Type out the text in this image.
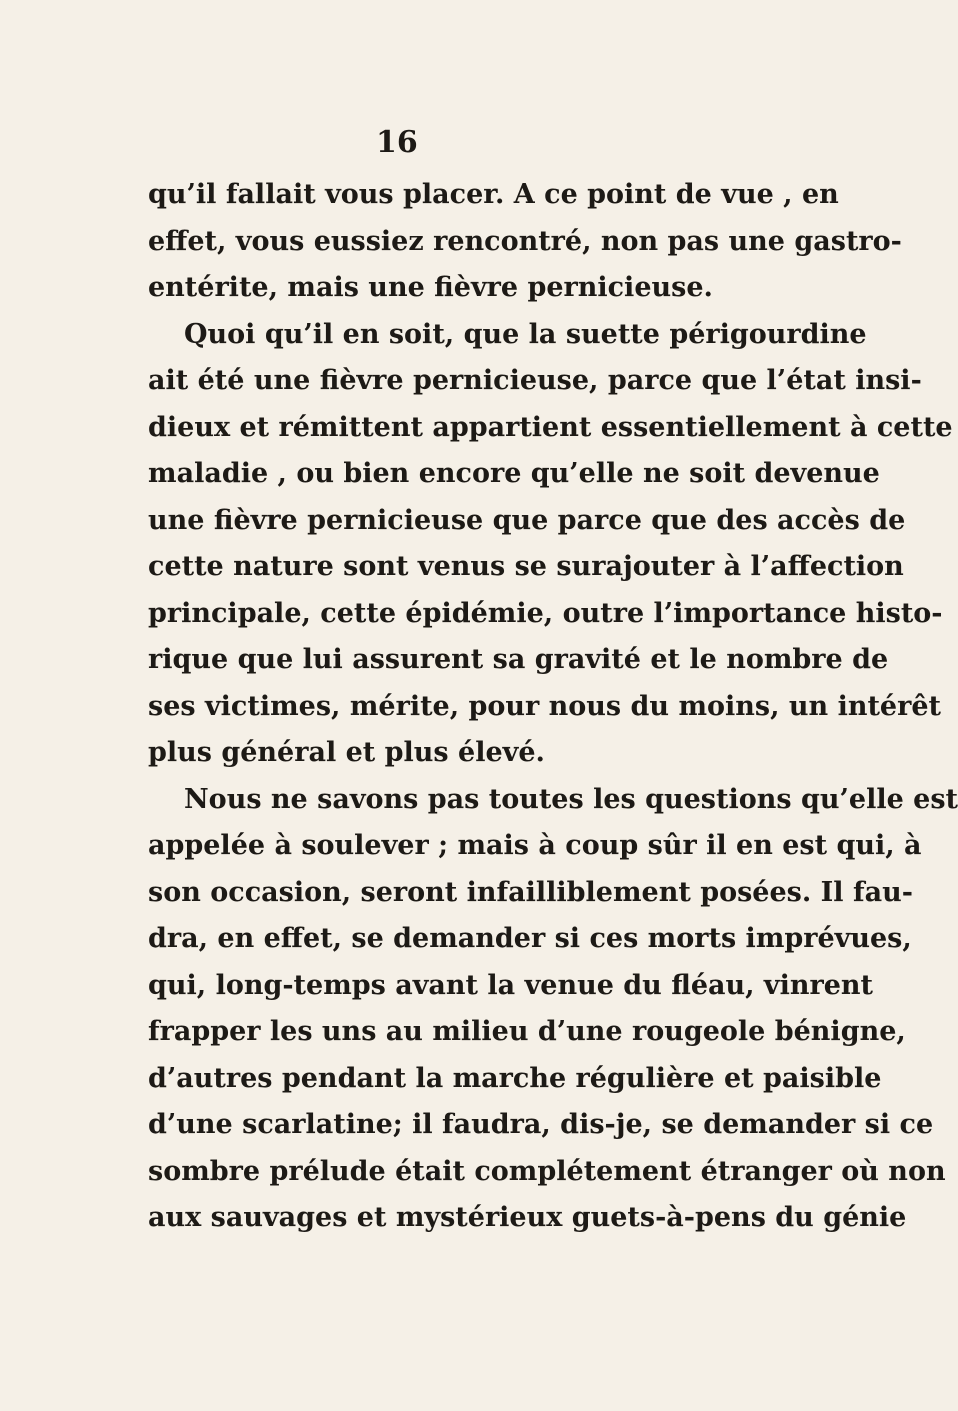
16
qu’il fallait vous placer. A ce point de vue , en
effet, vous eussiez rencontré, non pas une gastro-
entérite, mais une fièvre pernicieuse.
Quoi qu’il en soit, que la suette périgourdine
ait été une fièvre pernicieuse, parce que l’état insi-
dieux et rémittent appartient essentiellement à cette
maladie , ou bien encore qu’elle ne soit devenue
une fièvre pernicieuse que parce que des accès de
cette nature sont venus se surajouter à l’affection
principale, cette épidémie, outre l’importance histo-
rique que lui assurent sa gravité et le nombre de
ses victimes, mérite, pour nous du moins, un intérêt
plus général et plus élevé.
Nous ne savons pas toutes les questions qu’elle est
appelée à soulever ; mais à coup sûr il en est qui, à
son occasion, seront infailliblement posées. Il fau-
dra, en effet, se demander si ces morts imprévues,
qui, long-temps avant la venue du fléau, vinrent
frapper les uns au milieu d’une rougeole bénigne,
d’autres pendant la marche régulière et paisible
d’une scarlatine; il faudra, dis-je, se demander si ce
sombre prélude était complétement étranger où non
aux sauvages et mystérieux guets-à-pens du génie
